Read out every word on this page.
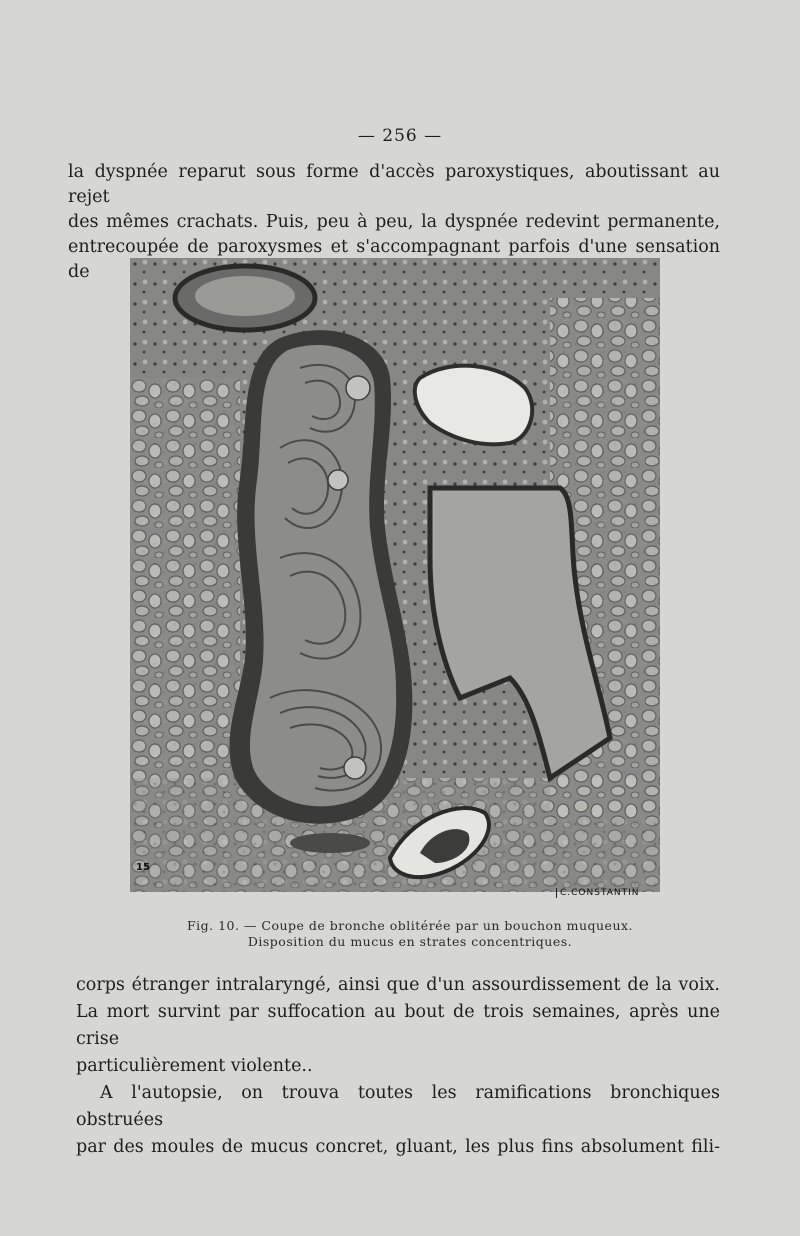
— 256 —

la dyspnée reparut sous forme d'accès paroxystiques, aboutissant au rejet
des mêmes crachats. Puis, peu à peu, la dyspnée redevint permanente,

entrecoupée de paroxysmes et s'accompagnant parfois d'une sensation de

15
C.CONSTANTIN
Fig. 10. — Coupe de bronche oblitérée par un bouchon muqueux.
Disposition du mucus en strates concentriques.

corps étranger intralaryngé, ainsi que d'un assourdissement de la voix.
La mort survint par suffocation au bout de trois semaines, après une crise

particulièrement violente..
A l'autopsie, on trouva toutes les ramifications bronchiques obstruées
par des moules de mucus concret, gluant, les plus fins absolument fili-
